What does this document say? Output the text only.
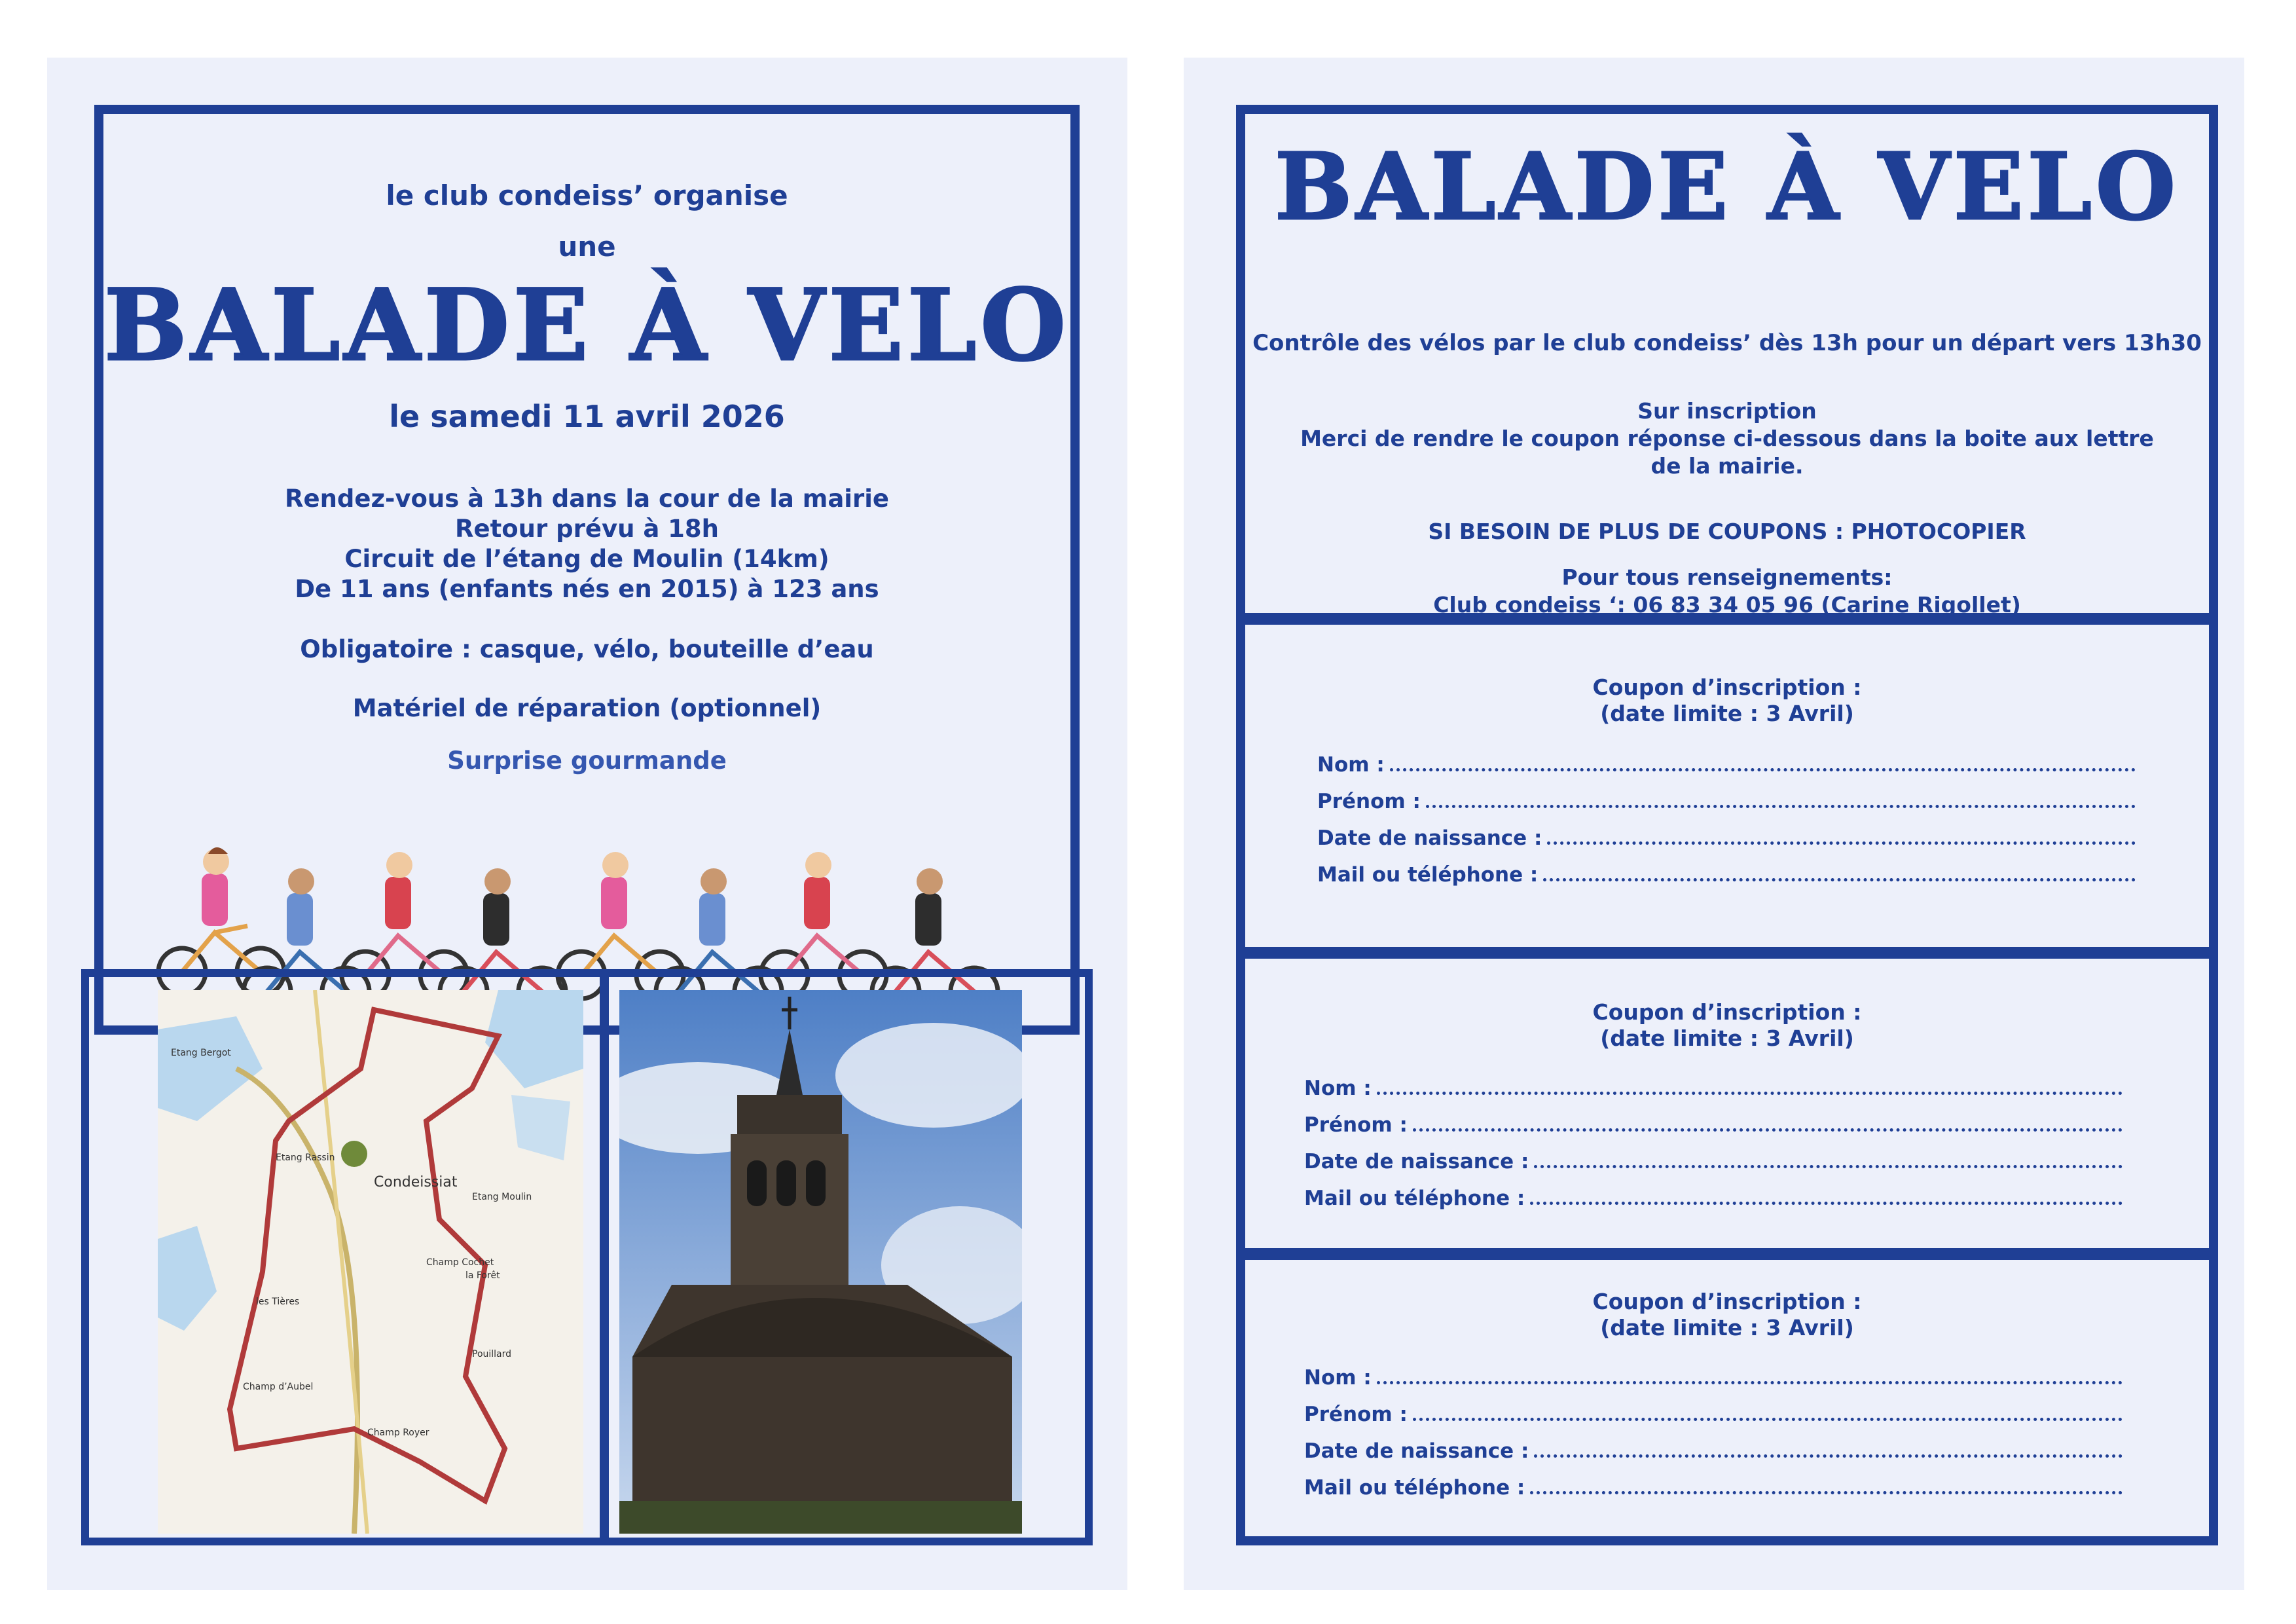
le club condeiss’ organise
une
BALADE À VELO
le samedi 11 avril 2026
Rendez-vous à 13h dans la cour de la mairie
Retour prévu à 18h
Circuit de l’étang de Moulin (14km)
De 11 ans (enfants nés en 2015) à 123 ans
Obligatoire : casque, vélo, bouteille d’eau
Matériel de réparation (optionnel)
Surprise gourmande
Condeissiat
Etang Moulin
Champ Cochet
Etang Bergot
Etang Rassin
les Tières
Champ d’Aubel
Champ Royer
la Forêt
Pouillard
BALADE À VELO
Contrôle des vélos par le club condeiss’ dès 13h pour un départ vers 13h30
Sur inscription
Merci de rendre le coupon réponse ci-dessous dans la boite aux lettre
de la mairie.
SI BESOIN DE PLUS DE COUPONS : PHOTOCOPIER
Pour tous renseignements:
Club condeiss ‘: 06 83 34 05 96 (Carine Rigollet)
Coupon d’inscription :
(date limite : 3 Avril)
Nom :
Prénom :
Date de naissance :
Mail ou téléphone :
Coupon d’inscription :
(date limite : 3 Avril)
Nom :
Prénom :
Date de naissance :
Mail ou téléphone :
Coupon d’inscription :
(date limite : 3 Avril)
Nom :
Prénom :
Date de naissance :
Mail ou téléphone :
